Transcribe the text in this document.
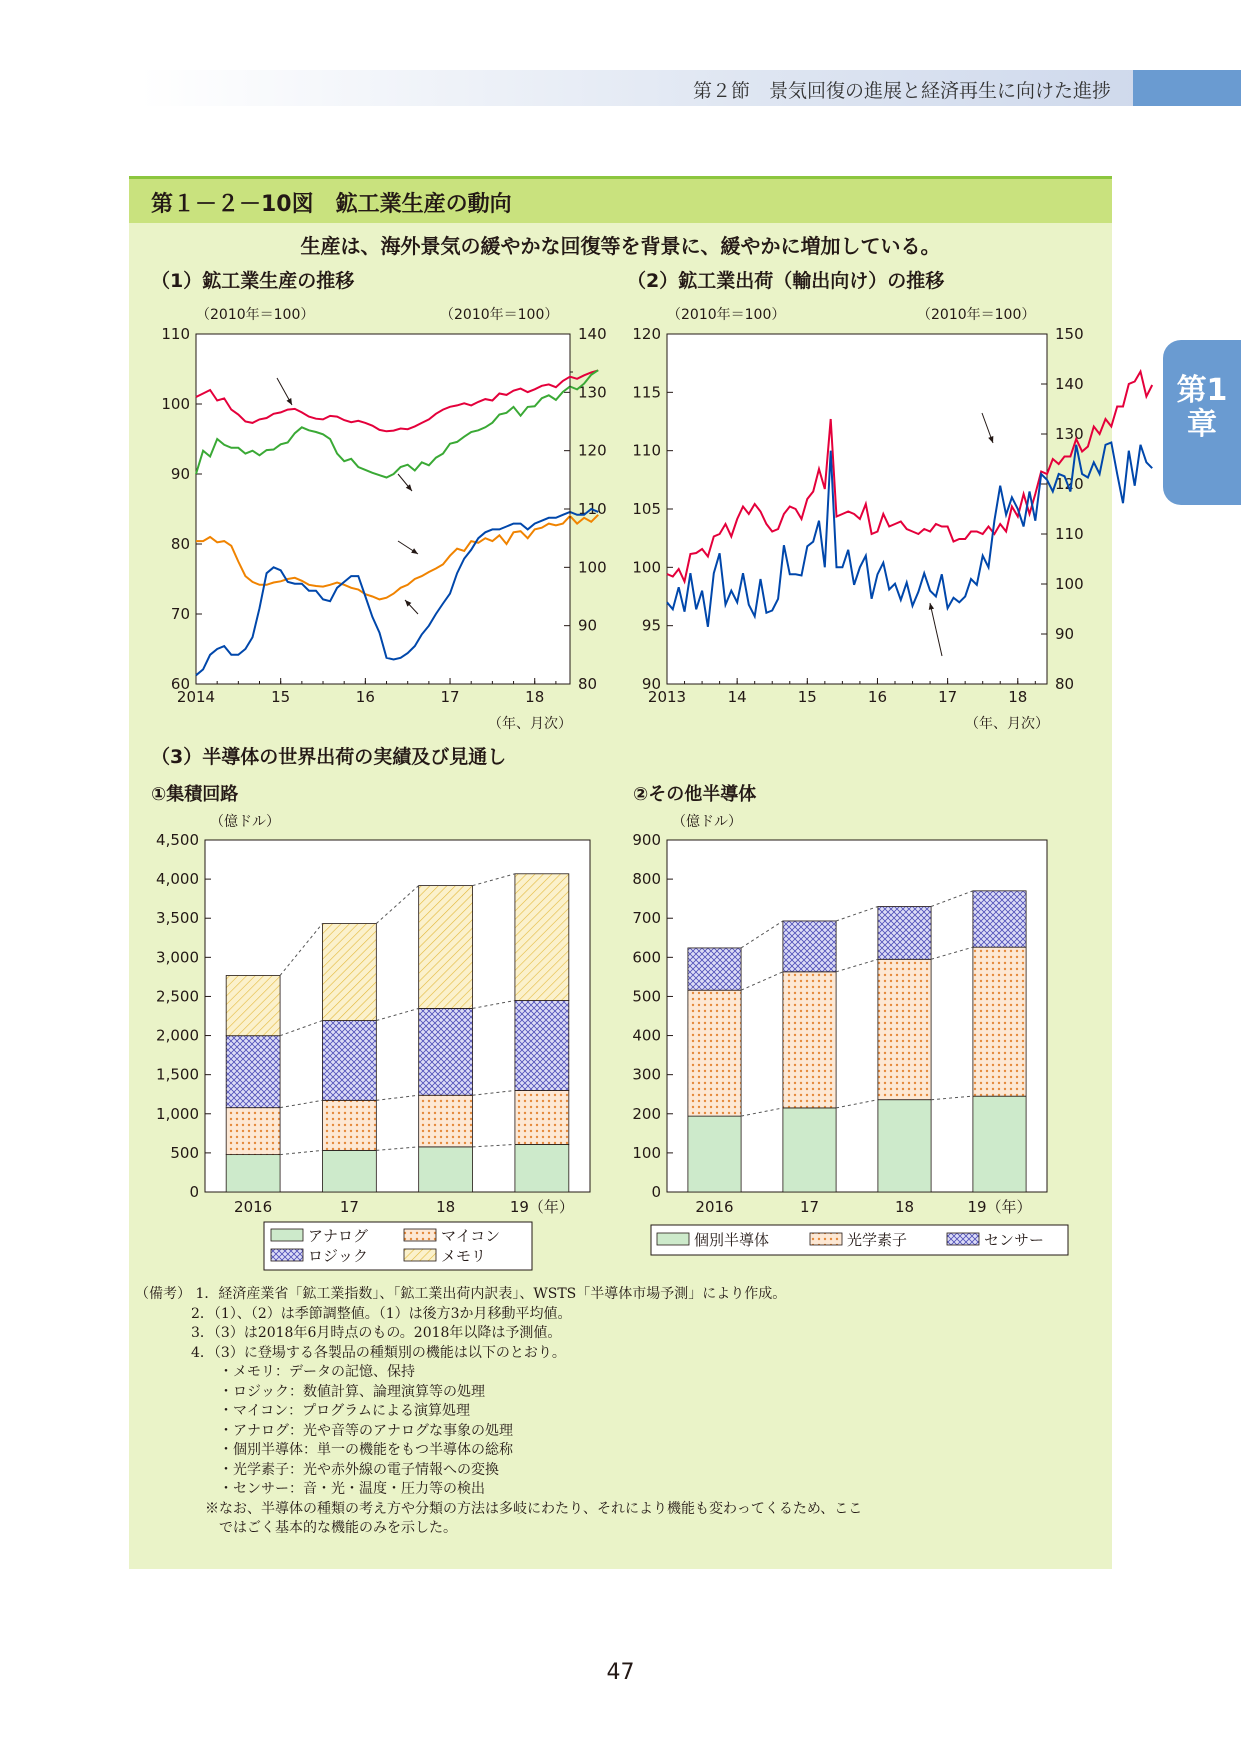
第２節　景気回復の進展と経済再生に向けた進捗
第1章
第１－２－10図　鉱工業生産の動向
生産は、海外景気の緩やかな回復等を背景に、緩やかに増加している。
（1）鉱工業生産の推移	（2）鉱工業出荷（輸出向け）の推移
（3）半導体の世界出荷の実績及び見通し
①集積回路	②その他半導体
（備考） 1．経済産業省「鉱工業指数」、「鉱工業出荷内訳表」、WSTS「半導体市場予測」により作成。
　　　　2．（1）、（2）は季節調整値。（1）は後方3か月移動平均値。
　　　　3．（3）は2018年6月時点のもの。2018年以降は予測値。
　　　　4．（3）に登場する各製品の種類別の機能は以下のとおり。
　　　　　　・メモリ：データの記憶、保持
　　　　　　・ロジック：数値計算、論理演算等の処理
　　　　　　・マイコン：プログラムによる演算処理
　　　　　　・アナログ：光や音等のアナログな事象の処理
　　　　　　・個別半導体：単一の機能をもつ半導体の総称
　　　　　　・光学素子：光や赤外線の電子情報への変換
　　　　　　・センサー：音・光・温度・圧力等の検出
　　　　　※なお、半導体の種類の考え方や分類の方法は多岐にわたり、それにより機能も変わってくるため、ここ
　　　　　　ではごく基本的な機能のみを示した。
（2010年＝100）	（2010年＝100）
（年、月次）
60
70
80
90
100
110
80
90
100
110
120
130
140
2014	15	16	17	18
（2010年＝100）	（2010年＝100）
（年、月次）
90
95
100
105
110
115
120
80
90
100
110
120
130
140
150
2013	14	15	16	17	18
（億ドル）
0
500
1,000
1,500
2,000
2,500
3,000
3,500
4,000
4,500
2016	17	18	19（年）
アナログ	マイコン
ロジック	メモリ
（億ドル）
0
100
200
300
400
500
600
700
800
900
2016	17	18	19（年）
個別半導体	光学素子	センサー
47
